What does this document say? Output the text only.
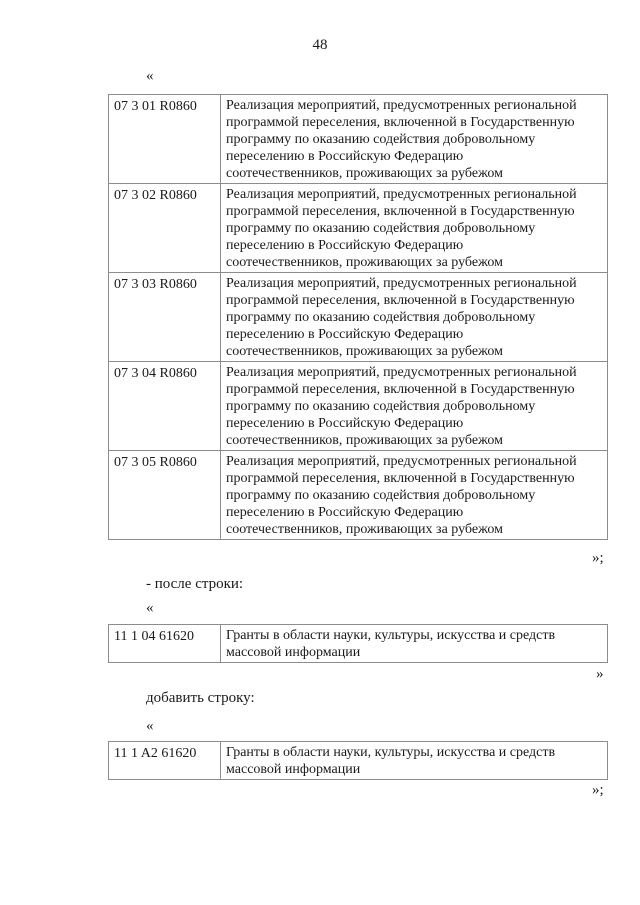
48
«
07 3 01 R0860	Реализация мероприятий, предусмотренных региональной
программой переселения, включенной в Государственную
программу по оказанию содействия добровольному
переселению в Российскую Федерацию
соотечественников, проживающих за рубежом

07 3 02 R0860	Реализация мероприятий, предусмотренных региональной
программой переселения, включенной в Государственную
программу по оказанию содействия добровольному
переселению в Российскую Федерацию
соотечественников, проживающих за рубежом

07 3 03 R0860	Реализация мероприятий, предусмотренных региональной
программой переселения, включенной в Государственную
программу по оказанию содействия добровольному
переселению в Российскую Федерацию
соотечественников, проживающих за рубежом

07 3 04 R0860	Реализация мероприятий, предусмотренных региональной
программой переселения, включенной в Государственную
программу по оказанию содействия добровольному
переселению в Российскую Федерацию
соотечественников, проживающих за рубежом

07 3 05 R0860	Реализация мероприятий, предусмотренных региональной
программой переселения, включенной в Государственную
программу по оказанию содействия добровольному
переселению в Российскую Федерацию
соотечественников, проживающих за рубежом
»;
- после строки:
«
11 1 04 61620	Гранты в области науки, культуры, искусства и средств
массовой информации
»
добавить строку:
«
11 1 A2 61620	Гранты в области науки, культуры, искусства и средств
массовой информации
»;
